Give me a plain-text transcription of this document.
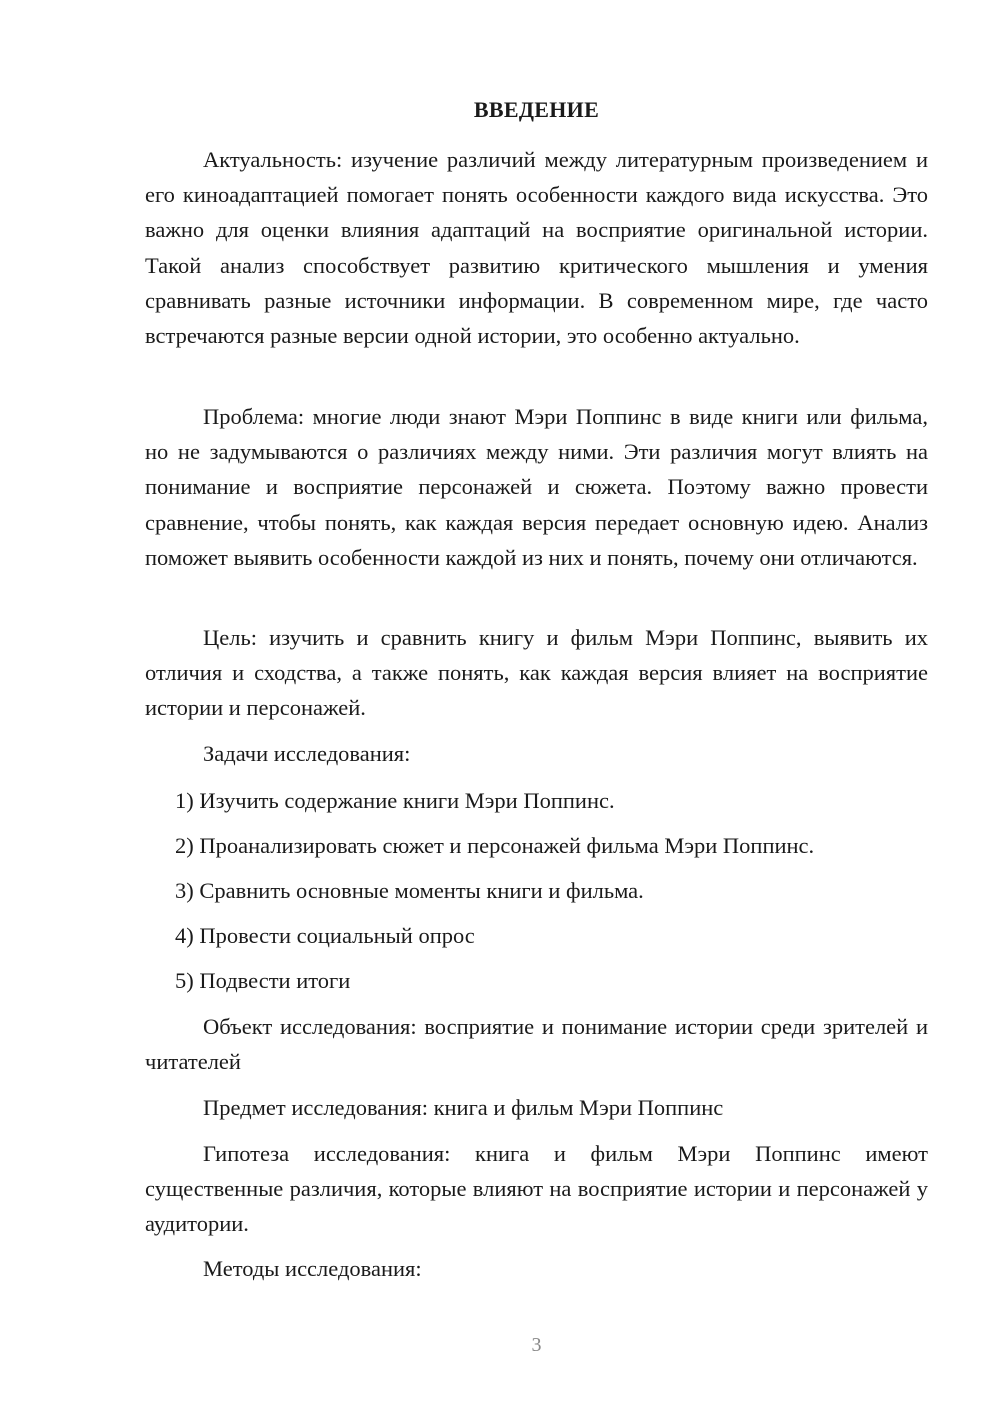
ВВЕДЕНИЕ

Актуальность: изучение различий между литературным произведением и его киноадаптацией помогает понять особенности каждого вида искусства. Это важно для оценки влияния адаптаций на восприятие оригинальной истории. Такой анализ способствует развитию критического мышления и умения сравнивать разные источники информации. В современном мире, где часто встречаются разные версии одной истории, это особенно актуально.

Проблема: многие люди знают Мэри Поппинс в виде книги или фильма, но не задумываются о различиях между ними. Эти различия могут влиять на понимание и восприятие персонажей и сюжета. Поэтому важно провести сравнение, чтобы понять, как каждая версия передает основную идею. Анализ поможет выявить особенности каждой из них и понять, почему они отличаются.

Цель: изучить и сравнить книгу и фильм Мэри Поппинс, выявить их отличия и сходства, а также понять, как каждая версия влияет на восприятие истории и персонажей.

Задачи исследования:

1) Изучить содержание книги Мэри Поппинс.

2) Проанализировать сюжет и персонажей фильма Мэри Поппинс.

3) Сравнить основные моменты книги и фильма.

4) Провести социальный опрос

5) Подвести итоги

Объект исследования: восприятие и понимание истории среди зрителей и читателей

Предмет исследования: книга и фильм Мэри Поппинс

Гипотеза исследования: книга и фильм Мэри Поппинс имеют существенные различия, которые влияют на восприятие истории и персонажей у аудитории.

Методы исследования:

3
